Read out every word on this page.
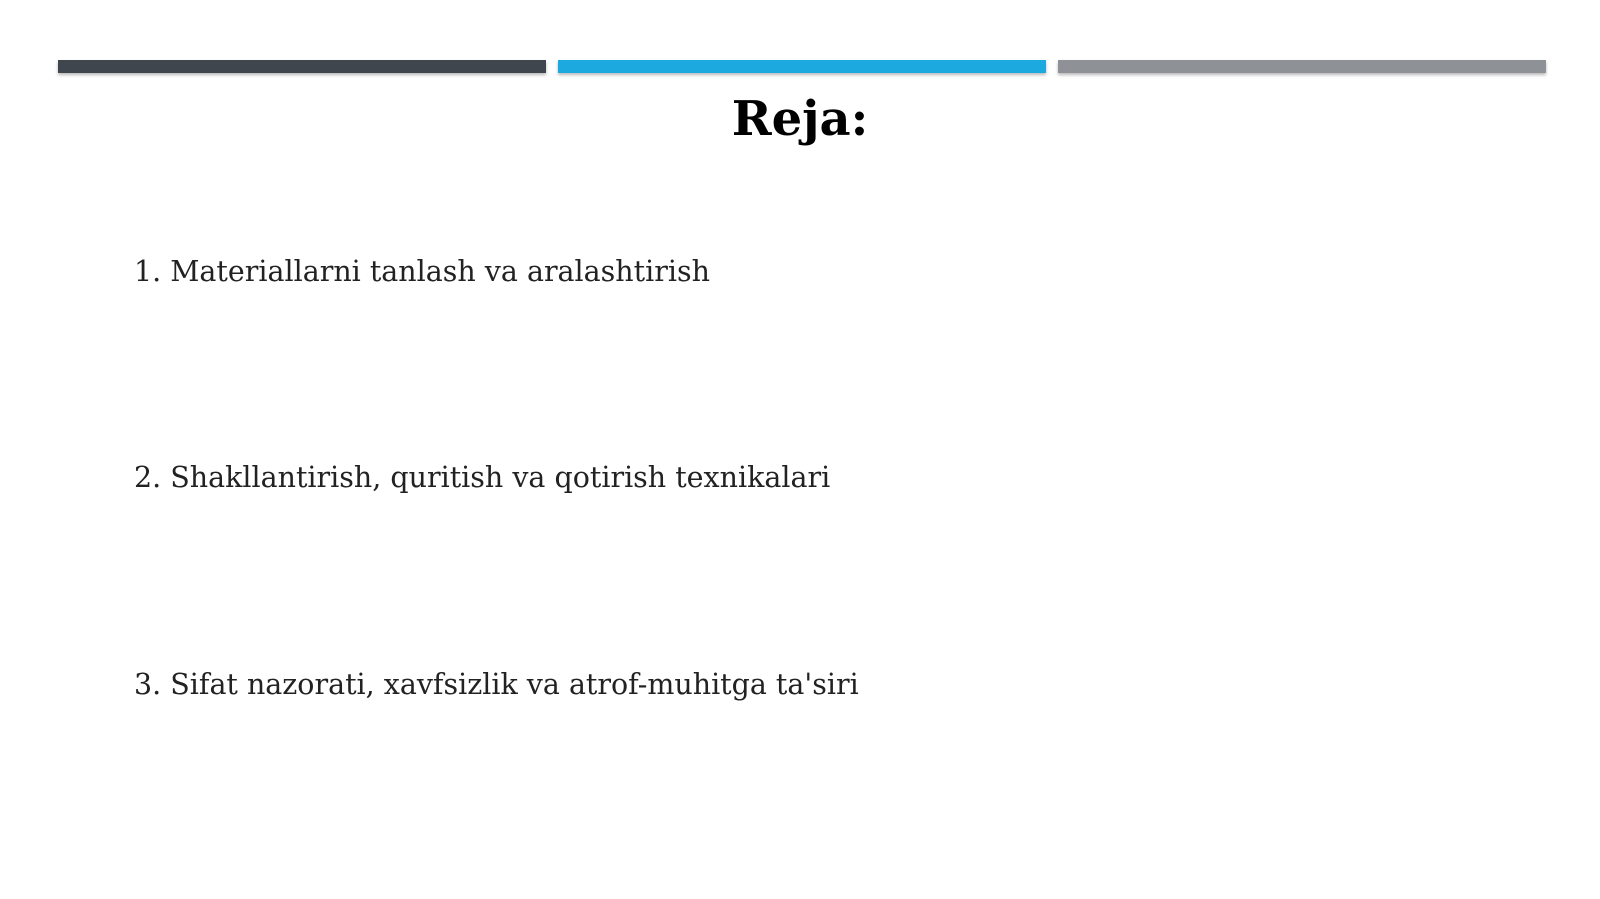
Reja:
1. Materiallarni tanlash va aralashtirish
2. Shakllantirish, quritish va qotirish texnikalari
3. Sifat nazorati, xavfsizlik va atrof-muhitga ta'siri
